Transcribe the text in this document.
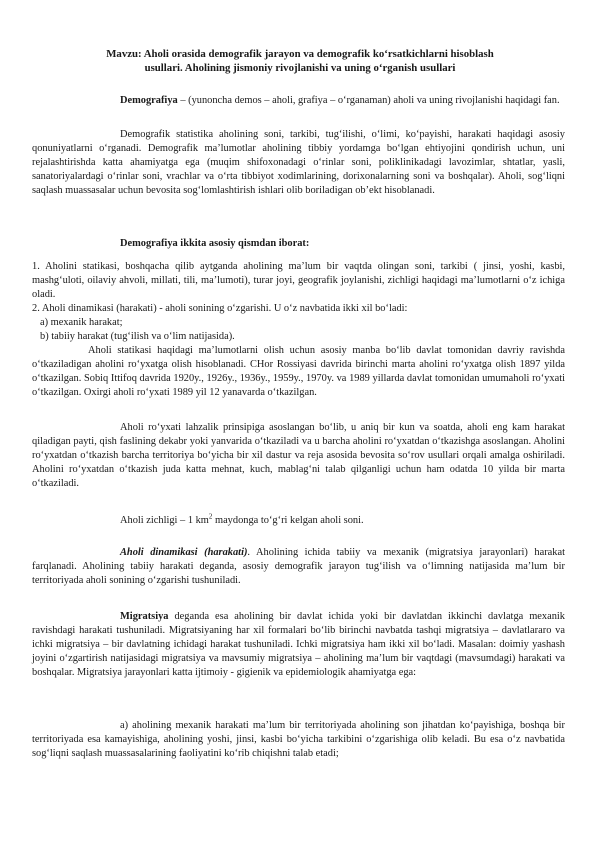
Mavzu: Aholi orasida demografik jarayon va demografik ko‘rsatkichlarni hisoblash
usullari. Aholining jismoniy rivojlanishi va uning o‘rganish usullari

Demografiya – (yunoncha demos – aholi, grafiya – o‘rganaman) aholi va uning rivojlanishi haqidagi fan.

Demografik statistika aholining soni, tarkibi, tug‘ilishi, o‘limi, ko‘payishi, harakati haqidagi asosiy qonuniyatlarni o‘rganadi. Demografik ma’lumotlar aholining tibbiy yordamga bo‘lgan ehtiyojini qondirish uchun, uni rejalashtirishda katta ahamiyatga ega (muqim shifoxonadagi o‘rinlar soni, poliklinikadagi lavozimlar, shtatlar, yasli, sanatoriyalardagi o‘rinlar soni, vrachlar va o‘rta tibbiyot xodimlarining, dorixonalarning soni va boshqalar). Aholi, sog‘liqni saqlash muassasalar uchun bevosita sog‘lomlashtirish ishlari olib boriladigan ob’ekt hisoblanadi.

Demografiya ikkita asosiy qismdan iborat:

1. Aholini statikasi, boshqacha qilib aytganda aholining ma’lum bir vaqtda olingan soni, tarkibi ( jinsi, yoshi, kasbi, mashg‘uloti, oilaviy ahvoli, millati, tili, ma’lumoti), turar joyi, geografik joylanishi, zichligi haqidagi ma’lumotlarni o‘z ichiga oladi.

2. Aholi dinamikasi (harakati) - aholi sonining o‘zgarishi. U o‘z navbatida ikki xil bo‘ladi:

a) mexanik harakat;

b) tabiiy harakat (tug‘ilish va o‘lim natijasida).

Aholi statikasi haqidagi ma’lumotlarni olish uchun asosiy manba bo‘lib davlat tomonidan davriy ravishda o‘tkaziladigan aholini ro‘yxatga olish hisoblanadi. CHor Rossiyasi davrida birinchi marta aholini ro‘yxatga olish 1897 yilda o‘tkazilgan. Sobiq Ittifoq davrida 1920y., 1926y., 1936y., 1959y., 1970y. va 1989 yillarda davlat tomonidan umumaholi ro‘yxati o‘tkazilgan. Oxirgi aholi ro‘yxati 1989 yil 12 yanavarda o‘tkazilgan.

Aholi ro‘yxati lahzalik prinsipiga asoslangan bo‘lib, u aniq bir kun va soatda, aholi eng kam harakat qiladigan payti, qish faslining dekabr yoki yanvarida o‘tkaziladi va u barcha aholini ro‘yxatdan o‘tkazishga asoslangan. Aholini ro‘yxatdan o‘tkazish barcha territoriya bo‘yicha bir xil dastur va reja asosida bevosita so‘rov usullari orqali amalga oshiriladi. Aholini ro‘yxatdan o‘tkazish juda katta mehnat, kuch, mablag‘ni talab qilganligi uchun ham odatda 10 yilda bir marta o‘tkaziladi.

Aholi zichligi – 1 $km^2$ maydonga to‘g‘ri kelgan aholi soni.

Aholi dinamikasi (harakati). Aholining ichida tabiiy va mexanik (migratsiya jarayonlari) harakat farqlanadi. Aholining tabiiy harakati deganda, asosiy demografik jarayon tug‘ilish va o‘limning natijasida ma’lum bir territoriyada aholi sonining o‘zgarishi tushuniladi.

Migratsiya deganda esa aholining bir davlat ichida yoki bir davlatdan ikkinchi davlatga mexanik ravishdagi harakati tushuniladi. Migratsiyaning har xil formalari bo‘lib birinchi navbatda tashqi migratsiya – davlatlararo va ichki migratsiya – bir davlatning ichidagi harakat tushuniladi. Ichki migratsiya ham ikki xil bo‘ladi. Masalan: doimiy yashash joyini o‘zgartirish natijasidagi migratsiya va mavsumiy migratsiya – aholining ma’lum bir vaqtdagi (mavsumdagi) harakati va boshqalar. Migratsiya jarayonlari katta ijtimoiy - gigienik va epidemiologik ahamiyatga ega:

a) aholining mexanik harakati ma’lum bir territoriyada aholining son jihatdan ko‘payishiga, boshqa bir territoriyada esa kamayishiga, aholining yoshi, jinsi, kasbi bo‘yicha tarkibini o‘zgarishiga olib keladi. Bu esa o‘z navbatida sog‘liqni saqlash muassasalarining faoliyatini ko‘rib chiqishni talab etadi;
